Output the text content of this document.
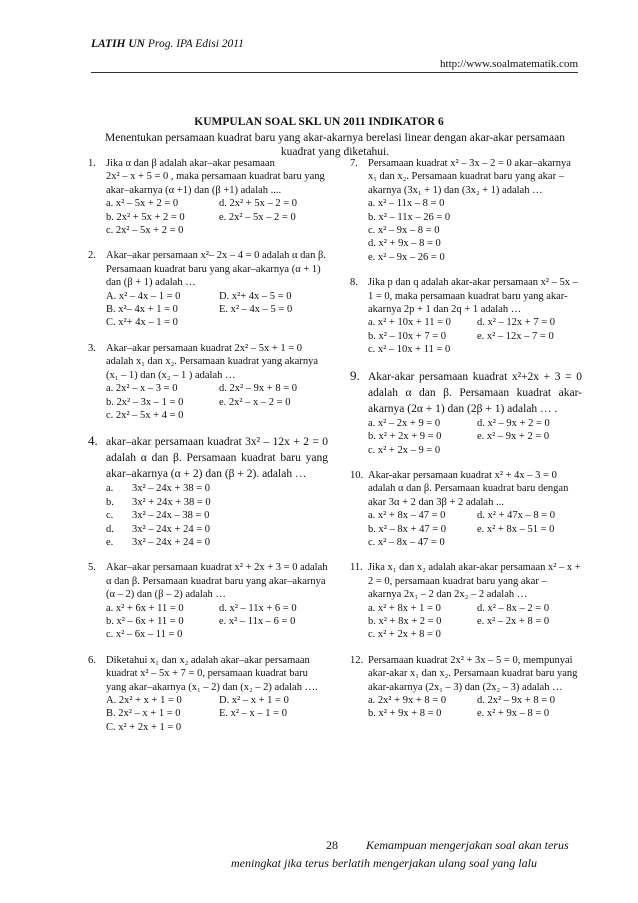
LATIH UN Prog. IPA Edisi 2011
http://www.soalmatematik.com
KUMPULAN SOAL SKL UN 2011 INDIKATOR 6
Menentukan persamaan kuadrat baru yang akar-akarnya berelasi linear dengan akar-akar persamaan kuadrat yang diketahui.
1. Jika α dan β adalah akar–akar pesamaan
2x² – x + 5 = 0 , maka persamaan kuadrat baru yang akar–akarnya (α +1) dan (β +1) adalah ....
a. x² – 5x + 2 = 0	d. 2x² + 5x – 2 = 0
b. 2x² + 5x + 2 = 0	e. 2x² – 5x – 2 = 0
c. 2x² – 5x + 2 = 0
2. Akar–akar persamaan x²– 2x – 4 = 0 adalah α dan β. Persamaan kuadrat baru yang akar–akarnya (α + 1) dan (β + 1) adalah …
A. x² – 4x – 1 = 0	D. x²+ 4x – 5 = 0
B. x²– 4x + 1 = 0	E. x² – 4x – 5 = 0
C. x²+ 4x – 1 = 0
3. Akar–akar persamaan kuadrat 2x² – 5x + 1 = 0 adalah x₁ dan x₂. Persamaan kuadrat yang akarnya (x₁ – 1) dan (x₂ – 1 ) adalah …
a. 2x² – x – 3 = 0	d. 2x² – 9x + 8 = 0
b. 2x² – 3x – 1 = 0	e. 2x² – x – 2 = 0
c. 2x² – 5x + 4 = 0
4. akar–akar persamaan kuadrat 3x² – 12x + 2 = 0 adalah α dan β. Persamaan kuadrat baru yang akar–akarnya (α + 2) dan (β + 2). adalah …
a.	3x² – 24x + 38 = 0
b.	3x² + 24x + 38 = 0
c.	3x² – 24x – 38 = 0
d.	3x² – 24x + 24 = 0
e.	3x² – 24x + 24 = 0
5. Akar–akar persamaan kuadrat x² + 2x + 3 = 0 adalah α dan β. Persamaan kuadrat baru yang akar–akarnya (α – 2) dan (β – 2) adalah …
a. x² + 6x + 11 = 0	d. x² – 11x + 6 = 0
b. x² – 6x + 11 = 0	e. x² – 11x – 6 = 0
c. x² – 6x – 11 = 0
6. Diketahui x₁ dan x₂ adalah akar–akar persamaan kuadrat x² – 5x + 7 = 0, persamaan kuadrat baru yang akar–akarnya (x₁ – 2) dan (x₂ – 2) adalah ….
A. 2x² + x + 1 = 0	D. x² – x + 1 = 0
B. 2x² – x + 1 = 0	E. x² – x – 1 = 0
C. x² + 2x + 1 = 0
7. Persamaan kuadrat x² – 3x – 2 = 0 akar–akarnya x₁ dan x₂. Persamaan kuadrat baru yang akar – akarnya (3x₁ + 1) dan (3x₂ + 1) adalah …
a. x² – 11x – 8 = 0
b. x² – 11x – 26 = 0
c. x² – 9x – 8 = 0
d. x² + 9x – 8 = 0
e. x² – 9x – 26 = 0
8. Jika p dan q adalah akar-akar persamaan x² – 5x – 1 = 0, maka persamaan kuadrat baru yang akar-akarnya 2p + 1 dan 2q + 1 adalah …
a. x² + 10x + 11 = 0	d. x² – 12x + 7 = 0
b. x² – 10x + 7 = 0	e. x² – 12x – 7 = 0
c. x² – 10x + 11 = 0
9. Akar-akar persamaan kuadrat x²+2x + 3 = 0 adalah α dan β. Persamaan kuadrat akar-akarnya (2α + 1) dan (2β + 1) adalah … .
a. x² – 2x + 9 = 0	d. x² – 9x + 2 = 0
b. x² + 2x + 9 = 0	e. x² – 9x + 2 = 0
c. x² + 2x – 9 = 0
10. Akar-akar persamaan kuadrat x² + 4x – 3 = 0 adalah α dan β. Persamaan kuadrat baru dengan akar 3α + 2 dan 3β + 2 adalah ...
a. x² + 8x – 47 = 0	d. x² + 47x – 8 = 0
b. x² – 8x + 47 = 0	e. x² + 8x – 51 = 0
c. x² – 8x – 47 = 0
11. Jika x₁ dan x₂ adalah akar-akar persamaan x² – x + 2 = 0, persamaan kuadrat baru yang akar – akarnya 2x₁ – 2 dan 2x₂ – 2 adalah …
a. x² + 8x + 1 = 0	d. x² – 8x – 2 = 0
b. x² + 8x + 2 = 0	e. x² – 2x + 8 = 0
c. x² + 2x + 8 = 0
12. Persamaan kuadrat 2x² + 3x – 5 = 0, mempunyai akar-akar x₁ dan x₂. Persamaan kuadrat baru yang akar-akarnya (2x₁ – 3) dan (2x₂ – 3) adalah …
a. 2x² + 9x + 8 = 0	d. 2x² – 9x + 8 = 0
b. x² + 9x + 8 = 0	e. x² + 9x – 8 = 0
28 Kemampuan mengerjakan soal akan terus
meningkat jika terus berlatih mengerjakan ulang soal yang lalu
